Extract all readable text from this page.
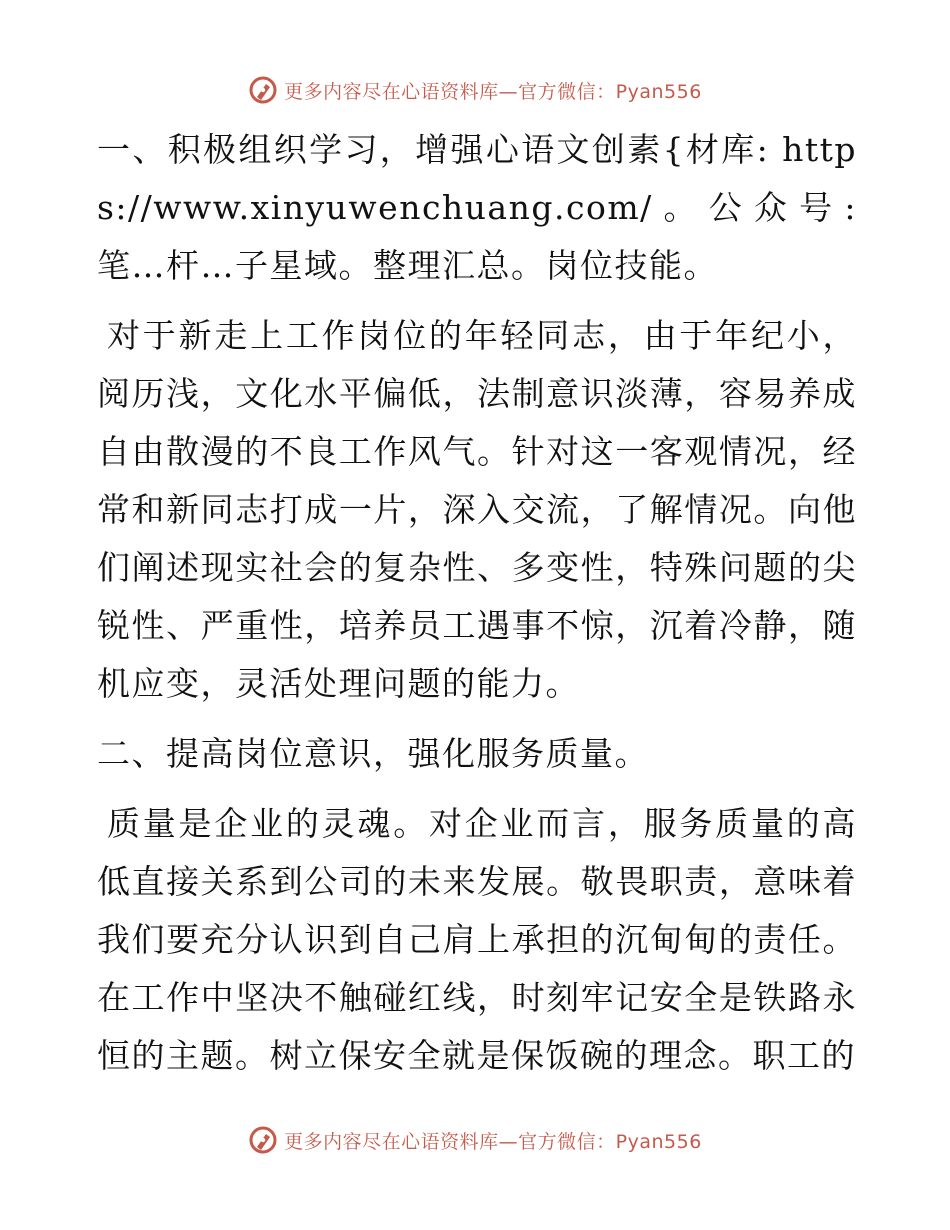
更多内容尽在心语资料库—官方微信：Pyan556

一、积极组织学习，增强心语文创素{材库: https://www.xinyuwenchuang.com/。公众号: 笔…杆…子星域。整理汇总。岗位技能。

对于新走上工作岗位的年轻同志，由于年纪小，阅历浅，文化水平偏低，法制意识淡薄，容易养成自由散漫的不良工作风气。针对这一客观情况，经常和新同志打成一片，深入交流，了解情况。向他们阐述现实社会的复杂性、多变性，特殊问题的尖锐性、严重性，培养员工遇事不惊，沉着冷静，随机应变，灵活处理问题的能力。

二、提高岗位意识，强化服务质量。

质量是企业的灵魂。对企业而言，服务质量的高低直接关系到公司的未来发展。敬畏职责，意味着我们要充分认识到自己肩上承担的沉甸甸的责任。在工作中坚决不触碰红线，时刻牢记安全是铁路永恒的主题。树立保安全就是保饭碗的理念。职工的

更多内容尽在心语资料库—官方微信：Pyan556
